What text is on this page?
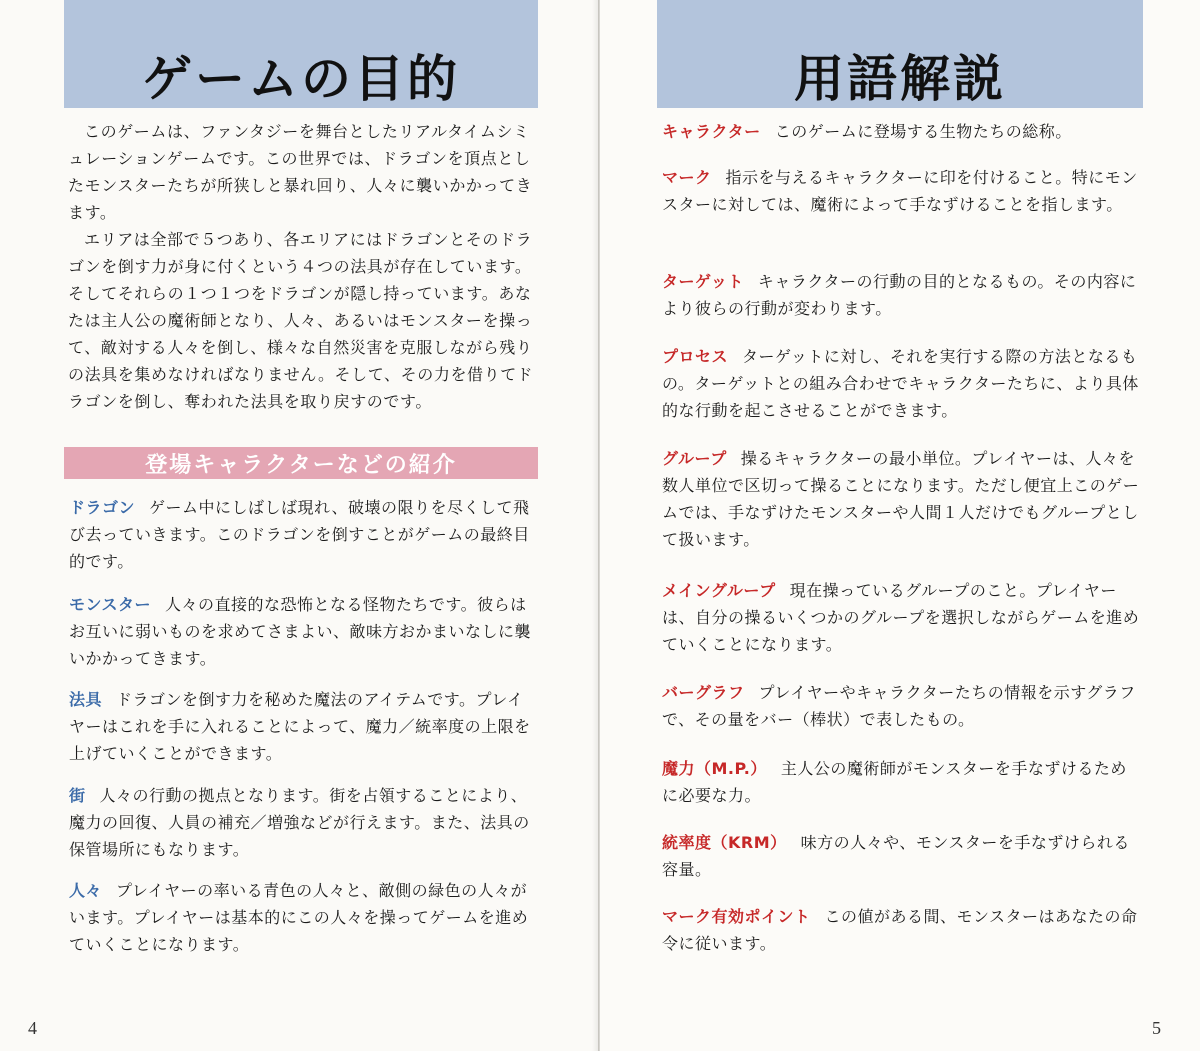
ゲームの目的

このゲームは、ファンタジーを舞台としたリアルタイムシミュレーションゲームです。この世界では、ドラゴンを頂点としたモンスターたちが所狭しと暴れ回り、人々に襲いかかってきます。

エリアは全部で５つあり、各エリアにはドラゴンとそのドラゴンを倒す力が身に付くという４つの法具が存在しています。そしてそれらの１つ１つをドラゴンが隠し持っています。あなたは主人公の魔術師となり、人々、あるいはモンスターを操って、敵対する人々を倒し、様々な自然災害を克服しながら残りの法具を集めなければなりません。そして、その力を借りてドラゴンを倒し、奪われた法具を取り戻すのです。

登場キャラクターなどの紹介
ドラゴン ゲーム中にしばしば現れ、破壊の限りを尽くして飛び去っていきます。このドラゴンを倒すことがゲームの最終目的です。
モンスター 人々の直接的な恐怖となる怪物たちです。彼らはお互いに弱いものを求めてさまよい、敵味方おかまいなしに襲いかかってきます。
法具 ドラゴンを倒す力を秘めた魔法のアイテムです。プレイヤーはこれを手に入れることによって、魔力／統率度の上限を上げていくことができます。
街 人々の行動の拠点となります。街を占領することにより、魔力の回復、人員の補充／増強などが行えます。また、法具の保管場所にもなります。
人々 プレイヤーの率いる青色の人々と、敵側の緑色の人々がいます。プレイヤーは基本的にこの人々を操ってゲームを進めていくことになります。
4
用語解説
キャラクター このゲームに登場する生物たちの総称。
マーク 指示を与えるキャラクターに印を付けること。特にモンスターに対しては、魔術によって手なずけることを指します。
ターゲット キャラクターの行動の目的となるもの。その内容により彼らの行動が変わります。
プロセス ターゲットに対し、それを実行する際の方法となるもの。ターゲットとの組み合わせでキャラクターたちに、より具体的な行動を起こさせることができます。
グループ 操るキャラクターの最小単位。プレイヤーは、人々を数人単位で区切って操ることになります。ただし便宜上このゲームでは、手なずけたモンスターや人間１人だけでもグループとして扱います。
メイングループ 現在操っているグループのこと。プレイヤーは、自分の操るいくつかのグループを選択しながらゲームを進めていくことになります。
バーグラフ プレイヤーやキャラクターたちの情報を示すグラフで、その量をバー（棒状）で表したもの。
魔力（M.P.） 主人公の魔術師がモンスターを手なずけるために必要な力。
統率度（KRM） 味方の人々や、モンスターを手なずけられる容量。
マーク有効ポイント この値がある間、モンスターはあなたの命令に従います。
5
